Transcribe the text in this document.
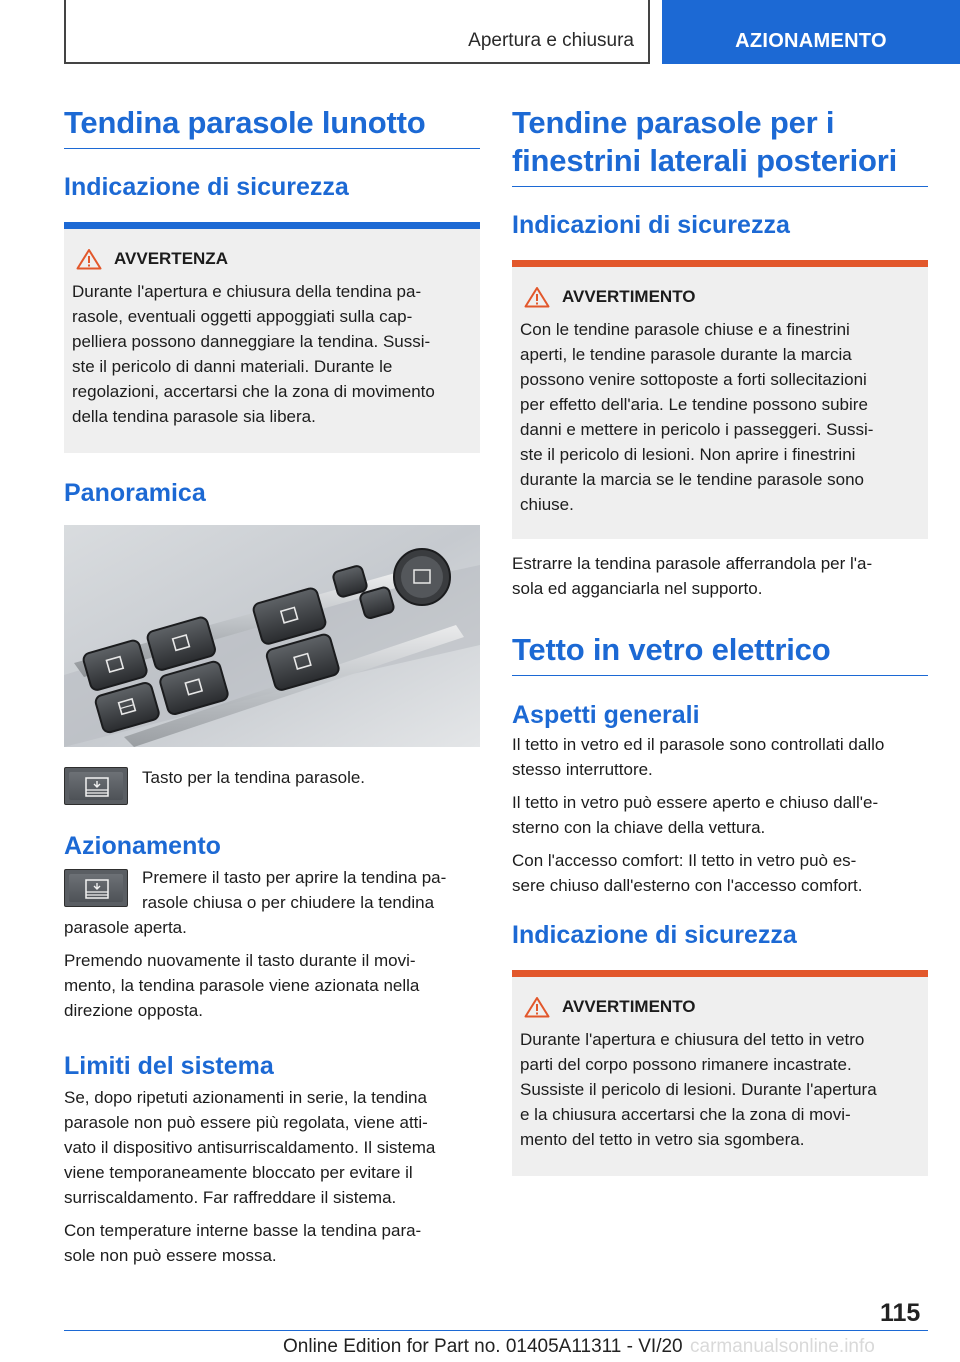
Apertura e chiusura	AZIONAMENTO
Tendina parasole lunotto
Indicazione di sicurezza
AVVERTENZA
Durante l'apertura e chiusura della tendina pa-
rasole, eventuali oggetti appoggiati sulla cap-
pelliera possono danneggiare la tendina. Sussi-
ste il pericolo di danni materiali. Durante le
regolazioni, accertarsi che la zona di movimento
della tendina parasole sia libera.
Panoramica
Tasto per la tendina parasole.
Azionamento
Premere il tasto per aprire la tendina pa-
rasole chiusa o per chiudere la tendina
parasole aperta.
Premendo nuovamente il tasto durante il movi-
mento, la tendina parasole viene azionata nella
direzione opposta.
Limiti del sistema
Se, dopo ripetuti azionamenti in serie, la tendina
parasole non può essere più regolata, viene atti-
vato il dispositivo antisurriscaldamento. Il sistema
viene temporaneamente bloccato per evitare il
surriscaldamento. Far raffreddare il sistema.
Con temperature interne basse la tendina para-
sole non può essere mossa.
Tendine parasole per i
finestrini laterali posteriori
Indicazioni di sicurezza
AVVERTIMENTO
Con le tendine parasole chiuse e a finestrini
aperti, le tendine parasole durante la marcia
possono venire sottoposte a forti sollecitazioni
per effetto dell'aria. Le tendine possono subire
danni e mettere in pericolo i passeggeri. Sussi-
ste il pericolo di lesioni. Non aprire i finestrini
durante la marcia se le tendine parasole sono
chiuse.
Estrarre la tendina parasole afferrandola per l'a-
sola ed agganciarla nel supporto.
Tetto in vetro elettrico
Aspetti generali
Il tetto in vetro ed il parasole sono controllati dallo
stesso interruttore.
Il tetto in vetro può essere aperto e chiuso dall'e-
sterno con la chiave della vettura.
Con l'accesso comfort: Il tetto in vetro può es-
sere chiuso dall'esterno con l'accesso comfort.
Indicazione di sicurezza
AVVERTIMENTO
Durante l'apertura e chiusura del tetto in vetro
parti del corpo possono rimanere incastrate.
Sussiste il pericolo di lesioni. Durante l'apertura
e la chiusura accertarsi che la zona di movi-
mento del tetto in vetro sia sgombera.
115
Online Edition for Part no. 01405A11311 - VI/20 carmanualsonline.info
